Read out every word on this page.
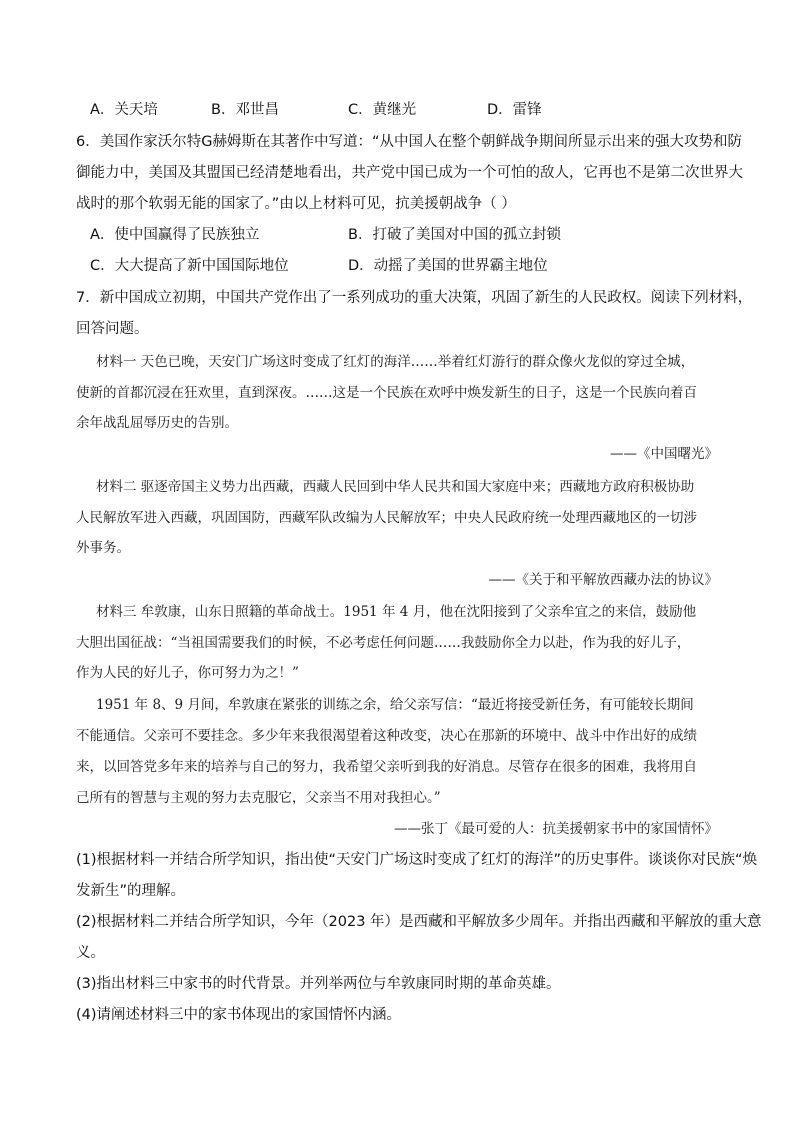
A．关天培	B．邓世昌	C．黄继光	D．雷锋
6．美国作家沃尔特G赫姆斯在其著作中写道：“从中国人在整个朝鲜战争期间所显示出来的强大攻势和防
御能力中，美国及其盟国已经清楚地看出，共产党中国已成为一个可怕的敌人，它再也不是第二次世界大
战时的那个软弱无能的国家了。”由以上材料可见，抗美援朝战争（ ）
A．使中国赢得了民族独立	B．打破了美国对中国的孤立封锁
C．大大提高了新中国国际地位	D．动摇了美国的世界霸主地位
7．新中国成立初期，中国共产党作出了一系列成功的重大决策，巩固了新生的人民政权。阅读下列材料，
回答问题。
材料一 天色已晚，天安门广场这时变成了红灯的海洋……举着红灯游行的群众像火龙似的穿过全城，
使新的首都沉浸在狂欢里，直到深夜。……这是一个民族在欢呼中焕发新生的日子，这是一个民族向着百
余年战乱屈辱历史的告别。
——《中国曙光》
材料二 驱逐帝国主义势力出西藏，西藏人民回到中华人民共和国大家庭中来；西藏地方政府积极协助
人民解放军进入西藏，巩固国防，西藏军队改编为人民解放军；中央人民政府统一处理西藏地区的一切涉
外事务。
——《关于和平解放西藏办法的协议》
材料三 牟敦康，山东日照籍的革命战士。1951 年 4 月，他在沈阳接到了父亲牟宜之的来信，鼓励他
大胆出国征战：“当祖国需要我们的时候，不必考虑任何问题……我鼓励你全力以赴，作为我的好儿子，
作为人民的好儿子，你可努力为之！”
1951 年 8、9 月间，牟敦康在紧张的训练之余，给父亲写信：“最近将接受新任务，有可能较长期间
不能通信。父亲可不要挂念。多少年来我很渴望着这种改变，决心在那新的环境中、战斗中作出好的成绩
来，以回答党多年来的培养与自己的努力，我希望父亲听到我的好消息。尽管存在很多的困难，我将用自
己所有的智慧与主观的努力去克服它，父亲当不用对我担心。”
——张丁《最可爱的人：抗美援朝家书中的家国情怀》
(1)根据材料一并结合所学知识，指出使“天安门广场这时变成了红灯的海洋”的历史事件。谈谈你对民族“焕
发新生”的理解。
(2)根据材料二并结合所学知识，今年（2023 年）是西藏和平解放多少周年。并指出西藏和平解放的重大意
义。
(3)指出材料三中家书的时代背景。并列举两位与牟敦康同时期的革命英雄。
(4)请阐述材料三中的家书体现出的家国情怀内涵。
